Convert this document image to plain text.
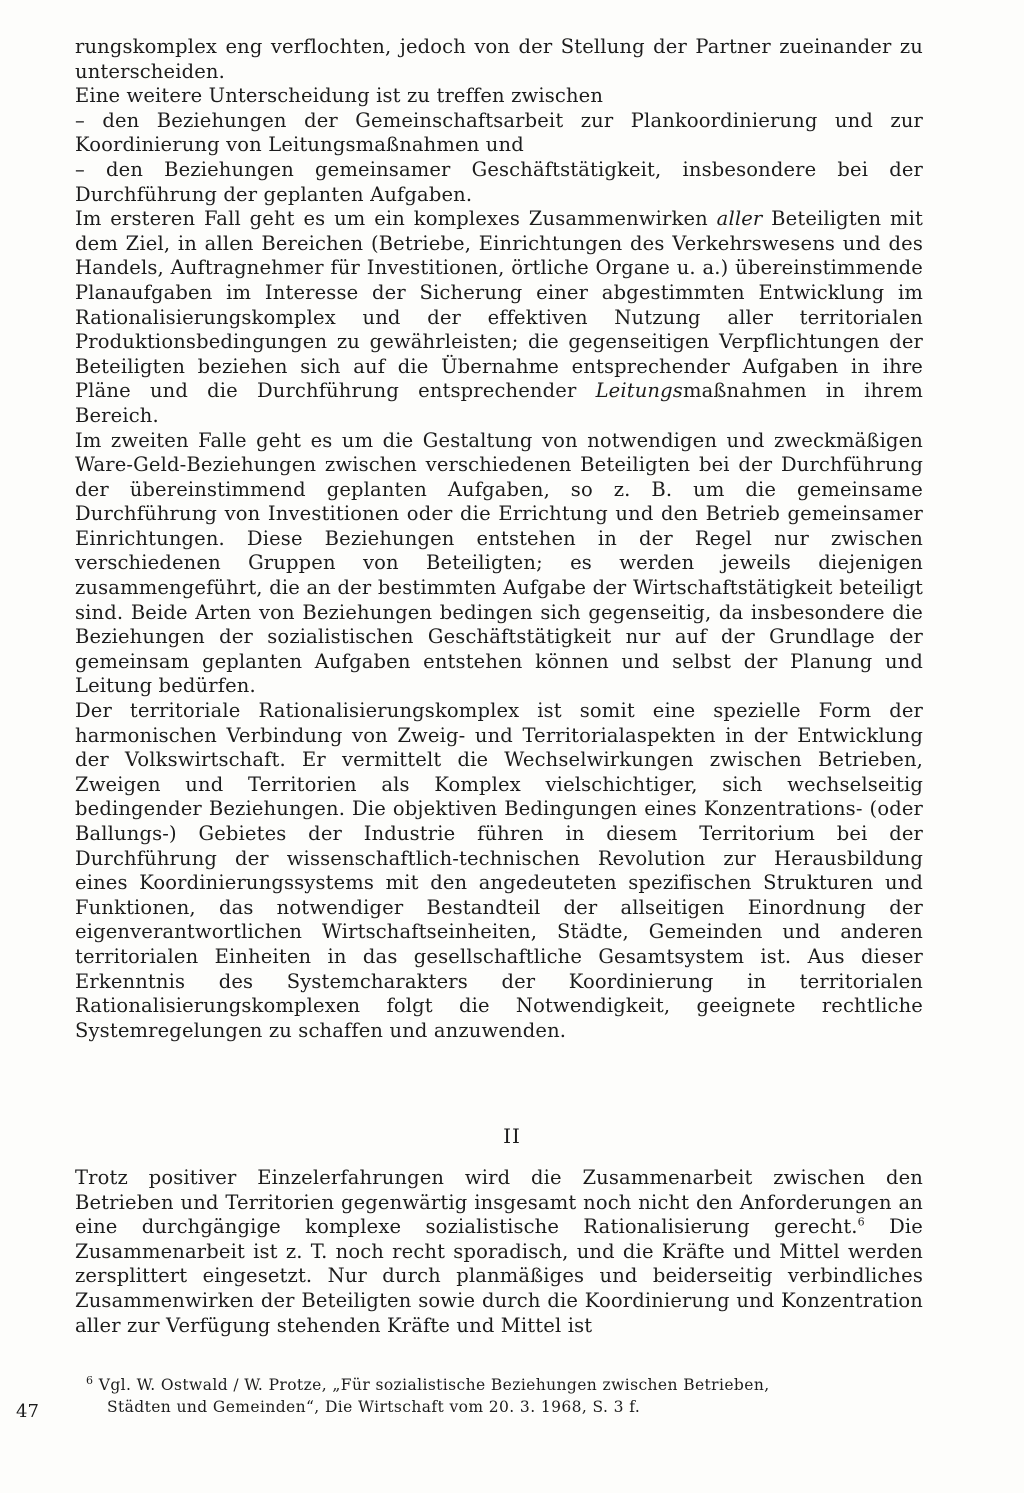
rungskomplex eng verflochten, jedoch von der Stellung der Partner zueinander zu unterscheiden.

Eine weitere Unterscheidung ist zu treffen zwischen

– den Beziehungen der Gemeinschaftsarbeit zur Plankoordinierung und zur Koordinierung von Leitungsmaßnahmen und

– den Beziehungen gemeinsamer Geschäftstätigkeit, insbesondere bei der Durchführung der geplanten Aufgaben.

Im ersteren Fall geht es um ein komplexes Zusammenwirken aller Beteiligten mit dem Ziel, in allen Bereichen (Betriebe, Einrichtungen des Verkehrswesens und des Handels, Auftragnehmer für Investitionen, örtliche Organe u. a.) übereinstimmende Planaufgaben im Interesse der Sicherung einer abgestimmten Entwicklung im Rationalisierungskomplex und der effektiven Nutzung aller territorialen Produktionsbedingungen zu gewährleisten; die gegenseitigen Verpflichtungen der Beteiligten beziehen sich auf die Übernahme entsprechender Aufgaben in ihre Pläne und die Durchführung entsprechender Leitungsmaßnahmen in ihrem Bereich.

Im zweiten Falle geht es um die Gestaltung von notwendigen und zweckmäßigen Ware-Geld-Beziehungen zwischen verschiedenen Beteiligten bei der Durchführung der übereinstimmend geplanten Aufgaben, so z. B. um die gemeinsame Durchführung von Investitionen oder die Errichtung und den Betrieb gemeinsamer Einrichtungen. Diese Beziehungen entstehen in der Regel nur zwischen verschiedenen Gruppen von Beteiligten; es werden jeweils diejenigen zusammengeführt, die an der bestimmten Aufgabe der Wirtschaftstätigkeit beteiligt sind. Beide Arten von Beziehungen bedingen sich gegenseitig, da insbesondere die Beziehungen der sozialistischen Geschäftstätigkeit nur auf der Grundlage der gemeinsam geplanten Aufgaben entstehen können und selbst der Planung und Leitung bedürfen.

Der territoriale Rationalisierungskomplex ist somit eine spezielle Form der harmonischen Verbindung von Zweig- und Territorialaspekten in der Entwicklung der Volkswirtschaft. Er vermittelt die Wechselwirkungen zwischen Betrieben, Zweigen und Territorien als Komplex vielschichtiger, sich wechselseitig bedingender Beziehungen. Die objektiven Bedingungen eines Konzentrations- (oder Ballungs-) Gebietes der Industrie führen in diesem Territorium bei der Durchführung der wissenschaftlich-technischen Revolution zur Herausbildung eines Koordinierungssystems mit den angedeuteten spezifischen Strukturen und Funktionen, das notwendiger Bestandteil der allseitigen Einordnung der eigenverantwortlichen Wirtschaftseinheiten, Städte, Gemeinden und anderen territorialen Einheiten in das gesellschaftliche Gesamtsystem ist. Aus dieser Erkenntnis des Systemcharakters der Koordinierung in territorialen Rationalisierungskomplexen folgt die Notwendigkeit, geeignete rechtliche Systemregelungen zu schaffen und anzuwenden.

II

Trotz positiver Einzelerfahrungen wird die Zusammenarbeit zwischen den Betrieben und Territorien gegenwärtig insgesamt noch nicht den Anforderungen an eine durchgängige komplexe sozialistische Rationalisierung gerecht.$^6$ Die Zusammenarbeit ist z. T. noch recht sporadisch, und die Kräfte und Mittel werden zersplittert eingesetzt. Nur durch planmäßiges und beiderseitig verbindliches Zusammenwirken der Beteiligten sowie durch die Koordinierung und Konzentration aller zur Verfügung stehenden Kräfte und Mittel ist

47
$^6$ Vgl. W. Ostwald / W. Protze, „Für sozialistische Beziehungen zwischen Betrieben,
Städten und Gemeinden“, Die Wirtschaft vom 20. 3. 1968, S. 3 f.
